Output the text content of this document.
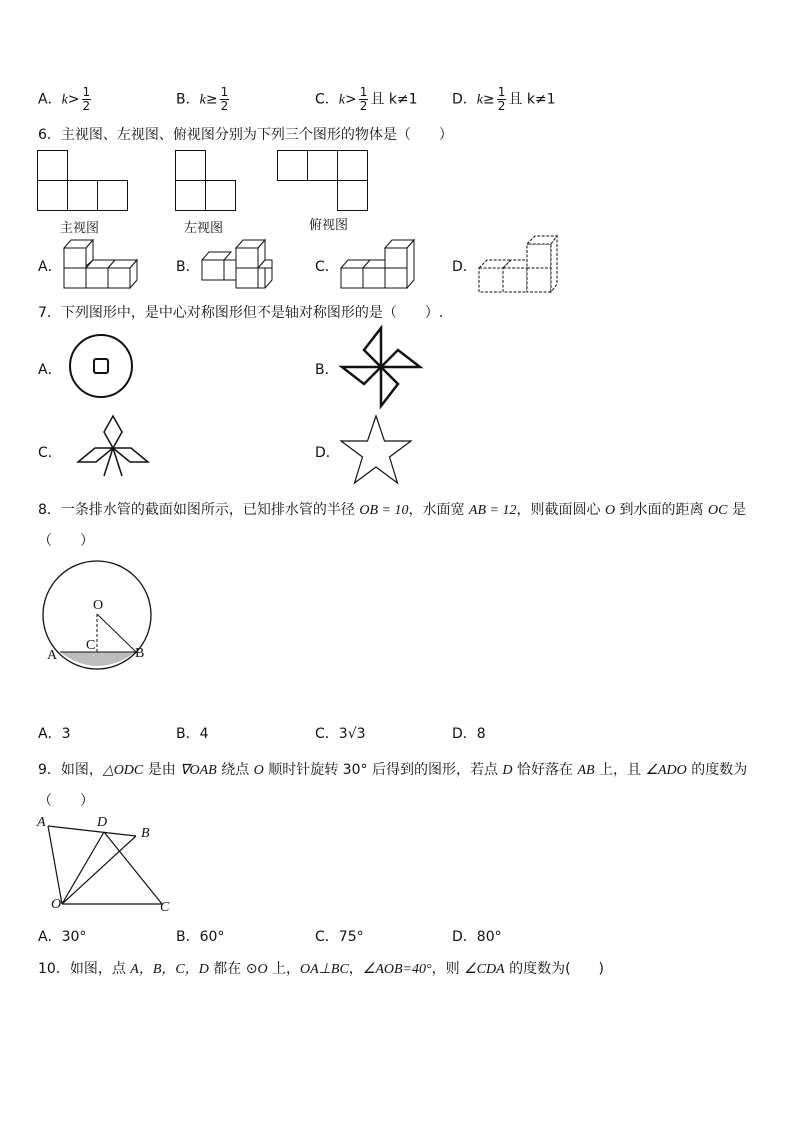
A．$k> \frac{1}{2}$	B．$k\ge \frac{1}{2}$	C．$k> \frac{1}{2}$ 且 k≠1 D．$k\ge \frac{1}{2}$ 且 k≠1
6．主视图、左视图、俯视图分别为下列三个图形的物体是（　　）
主视图	左视图	俯视图
A．	B．	C．	D．
7．下列图形中，是中心对称图形但不是轴对称图形的是（　　）.
A．	B．
C．	D．
8．一条排水管的截面如图所示，已知排水管的半径 OB = 10，水面宽 AB = 12，则截面圆心 O 到水面的距离 OC 是
（　　）
O
C
A	B
A．3	B．4	C．3√3	D．8
9．如图，△ODC 是由 ∇OAB 绕点 O 顺时针旋转 30° 后得到的图形，若点 D 恰好落在 AB 上，且 ∠ADO 的度数为
（　　）
A	D
B
O	C
A．30°	B．60°	C．75°	D．80°
10．如图，点 A，B，C，D 都在 ⊙O 上，OA⊥BC，∠AOB=40°，则 ∠CDA 的度数为(　　)
